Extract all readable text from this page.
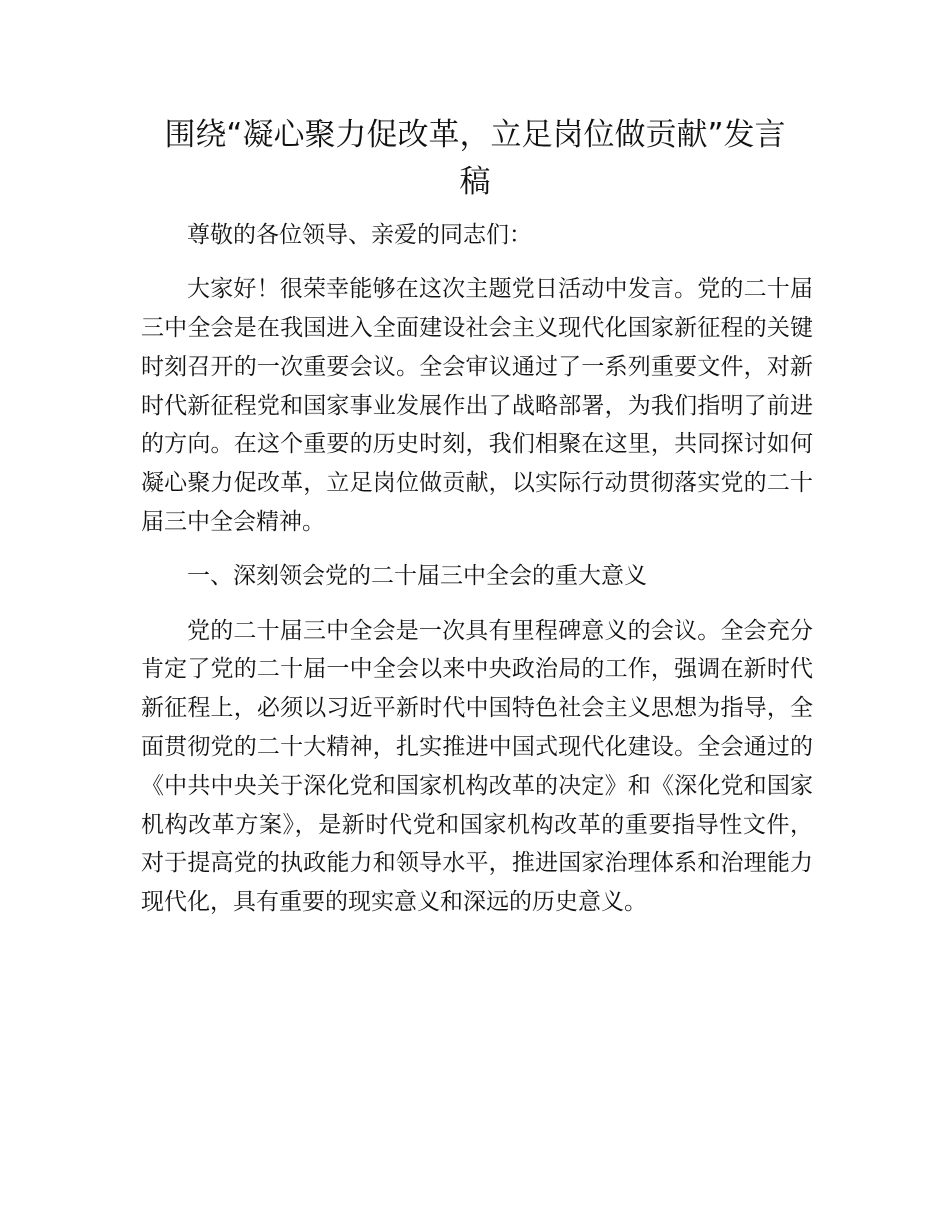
围绕“凝心聚力促改革，立足岗位做贡献”发言
稿

尊敬的各位领导、亲爱的同志们：

大家好！很荣幸能够在这次主题党日活动中发言。党的二十届三中全会是在我国进入全面建设社会主义现代化国家新征程的关键时刻召开的一次重要会议。全会审议通过了一系列重要文件，对新时代新征程党和国家事业发展作出了战略部署，为我们指明了前进的方向。在这个重要的历史时刻，我们相聚在这里，共同探讨如何凝心聚力促改革，立足岗位做贡献，以实际行动贯彻落实党的二十届三中全会精神。

一、深刻领会党的二十届三中全会的重大意义

党的二十届三中全会是一次具有里程碑意义的会议。全会充分肯定了党的二十届一中全会以来中央政治局的工作，强调在新时代新征程上，必须以习近平新时代中国特色社会主义思想为指导，全面贯彻党的二十大精神，扎实推进中国式现代化建设。全会通过的《中共中央关于深化党和国家机构改革的决定》和《深化党和国家机构改革方案》，是新时代党和国家机构改革的重要指导性文件，对于提高党的执政能力和领导水平，推进国家治理体系和治理能力现代化，具有重要的现实意义和深远的历史意义。
